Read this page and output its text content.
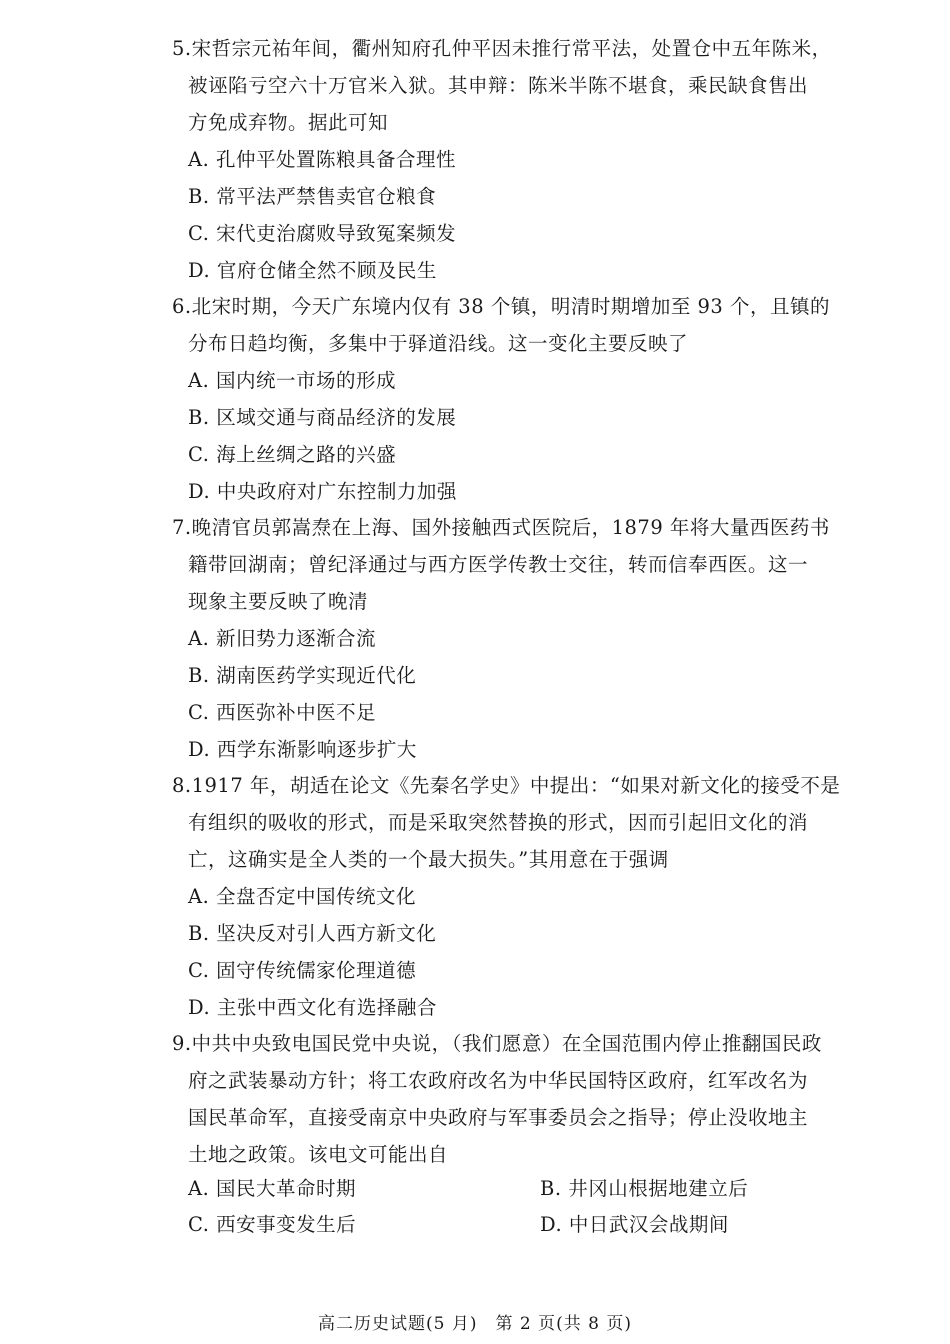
5.宋哲宗元祐年间，衢州知府孔仲平因未推行常平法，处置仓中五年陈米，
被诬陷亏空六十万官米入狱。其申辩：陈米半陈不堪食，乘民缺食售出
方免成弃物。据此可知
A. 孔仲平处置陈粮具备合理性
B. 常平法严禁售卖官仓粮食
C. 宋代吏治腐败导致冤案频发
D. 官府仓储全然不顾及民生
6.北宋时期，今天广东境内仅有 38 个镇，明清时期增加至 93 个，且镇的
分布日趋均衡，多集中于驿道沿线。这一变化主要反映了
A. 国内统一市场的形成
B. 区域交通与商品经济的发展
C. 海上丝绸之路的兴盛
D. 中央政府对广东控制力加强
7.晚清官员郭嵩焘在上海、国外接触西式医院后，1879 年将大量西医药书
籍带回湖南；曾纪泽通过与西方医学传教士交往，转而信奉西医。这一
现象主要反映了晚清
A. 新旧势力逐渐合流
B. 湖南医药学实现近代化
C. 西医弥补中医不足
D. 西学东渐影响逐步扩大
8.1917 年，胡适在论文《先秦名学史》中提出：“如果对新文化的接受不是
有组织的吸收的形式，而是采取突然替换的形式，因而引起旧文化的消
亡，这确实是全人类的一个最大损失。”其用意在于强调
A. 全盘否定中国传统文化
B. 坚决反对引人西方新文化
C. 固守传统儒家伦理道德
D. 主张中西文化有选择融合
9.中共中央致电国民党中央说，（我们愿意）在全国范围内停止推翻国民政
府之武装暴动方针；将工农政府改名为中华民国特区政府，红军改名为
国民革命军，直接受南京中央政府与军事委员会之指导；停止没收地主
土地之政策。该电文可能出自
A. 国民大革命时期	B. 井冈山根据地建立后
C. 西安事变发生后	D. 中日武汉会战期间
高二历史试题(5 月)　第 2 页(共 8 页)
